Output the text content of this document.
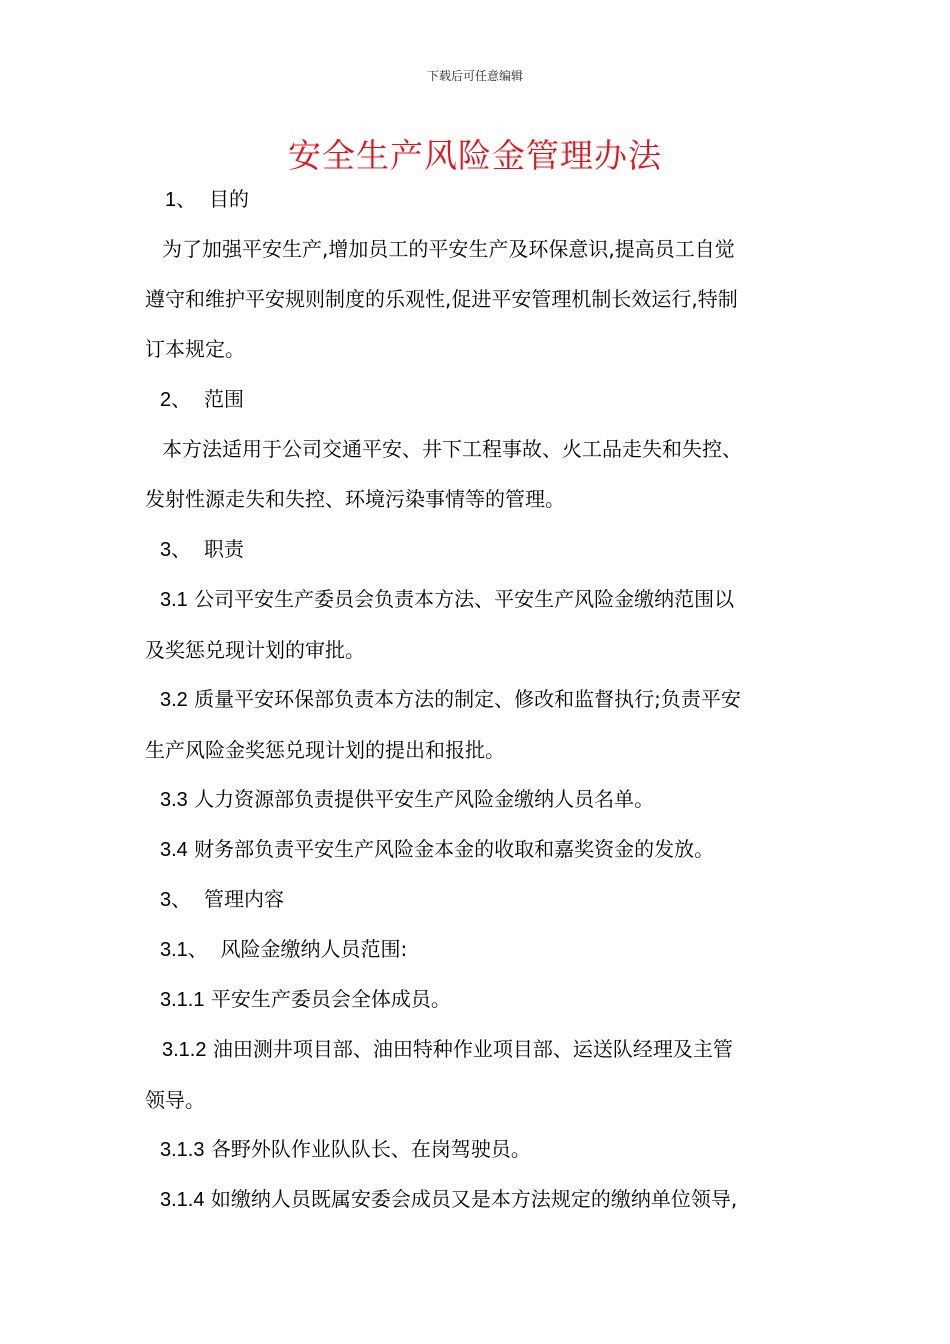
下载后可任意编辑
安全生产风险金管理办法
1、 目的
为了加强平安生产,增加员工的平安生产及环保意识,提高员工自觉
遵守和维护平安规则制度的乐观性,促进平安管理机制长效运行,特制
订本规定。
2、 范围
本方法适用于公司交通平安、井下工程事故、火工品走失和失控、
发射性源走失和失控、环境污染事情等的管理。
3、 职责
3.1 公司平安生产委员会负责本方法、平安生产风险金缴纳范围以
及奖惩兑现计划的审批。
3.2 质量平安环保部负责本方法的制定、修改和监督执行;负责平安
生产风险金奖惩兑现计划的提出和报批。
3.3 人力资源部负责提供平安生产风险金缴纳人员名单。
3.4 财务部负责平安生产风险金本金的收取和嘉奖资金的发放。
3、 管理内容
3.1、 风险金缴纳人员范围:
3.1.1 平安生产委员会全体成员。
3.1.2 油田测井项目部、油田特种作业项目部、运送队经理及主管
领导。
3.1.3 各野外队作业队队长、在岗驾驶员。
3.1.4 如缴纳人员既属安委会成员又是本方法规定的缴纳单位领导,
